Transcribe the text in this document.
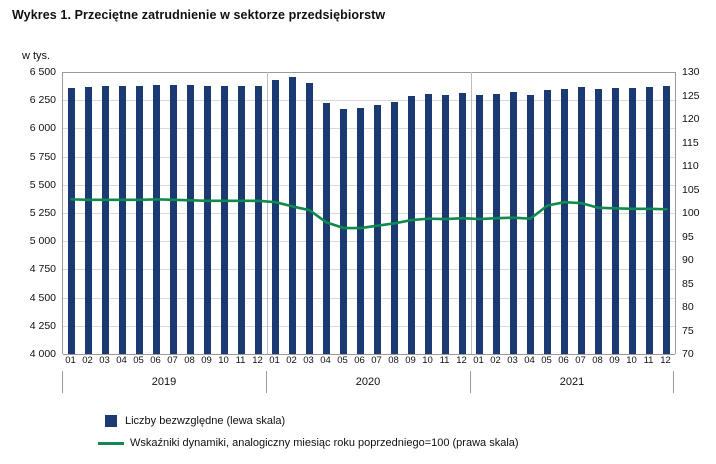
Wykres 1. Przeciętne zatrudnienie w sektorze przedsiębiorstw
w tys.
4 000
4 250
4 500
4 750
5 000
5 250
5 500
5 750
6 000
6 250
6 500
70
75
80
85
90
95
100
105
110
115
120
125
130
01 02 03 04 05 06 07 08 09 10 11 12 01 02 03 04 05 06 07 08 09 10 11 12 01 02 03 04 05 06 07 08 09 10 11 12
2019	2020	2021
Liczby bezwzględne (lewa skala)
Wskaźniki dynamiki, analogiczny miesiąc roku poprzedniego=100 (prawa skala)
